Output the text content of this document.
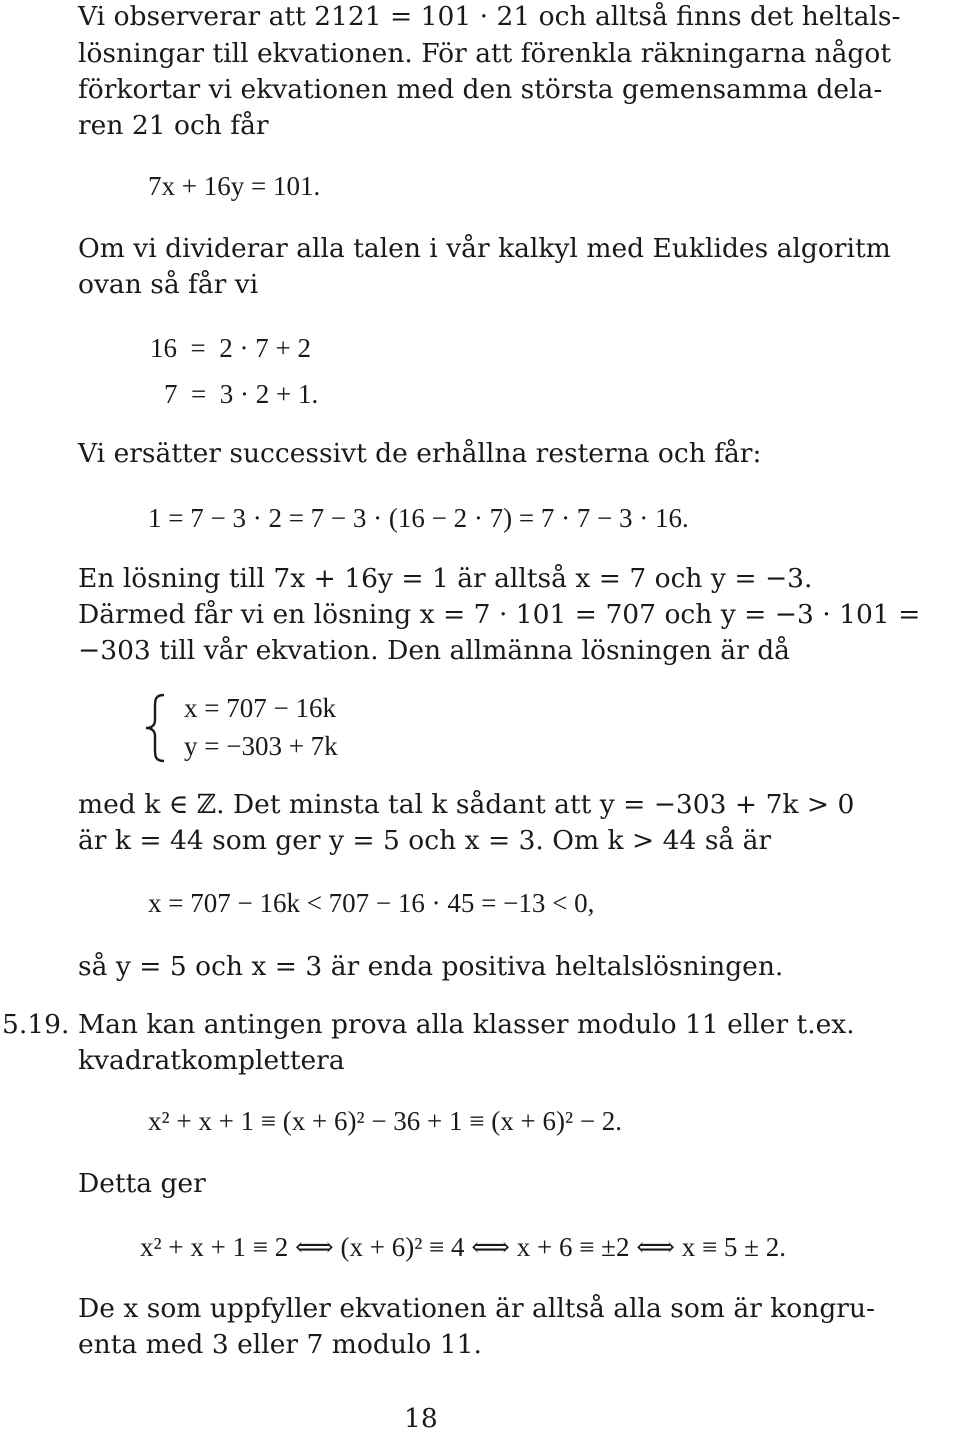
Vi observerar att 2121 = 101 · 21 och alltså finns det heltals-
lösningar till ekvationen. För att förenkla räkningarna något
förkortar vi ekvationen med den största gemensamma dela-
ren 21 och får
7x + 16y = 101.
Om vi dividerar alla talen i vår kalkyl med Euklides algoritm
ovan så får vi
16  =  2 · 7 + 2
7  =  3 · 2 + 1.
Vi ersätter successivt de erhållna resterna och får:
1 = 7 − 3 · 2 = 7 − 3 · (16 − 2 · 7) = 7 · 7 − 3 · 16.
En lösning till 7x + 16y = 1 är alltså x = 7 och y = −3.
Därmed får vi en lösning x = 7 · 101 = 707 och y = −3 · 101 =
−303 till vår ekvation. Den allmänna lösningen är då
x = 707 − 16k
y = −303 + 7k
med k ∈ ℤ. Det minsta tal k sådant att y = −303 + 7k > 0
är k = 44 som ger y = 5 och x = 3. Om k > 44 så är
x = 707 − 16k < 707 − 16 · 45 = −13 < 0,
så y = 5 och x = 3 är enda positiva heltalslösningen.
5.19. Man kan antingen prova alla klasser modulo 11 eller t.ex.
kvadratkomplettera
x² + x + 1 ≡ (x + 6)² − 36 + 1 ≡ (x + 6)² − 2.
Detta ger
x² + x + 1 ≡ 2 ⟺ (x + 6)² ≡ 4 ⟺ x + 6 ≡ ±2 ⟺ x ≡ 5 ± 2.
De x som uppfyller ekvationen är alltså alla som är kongru-
enta med 3 eller 7 modulo 11.
18
